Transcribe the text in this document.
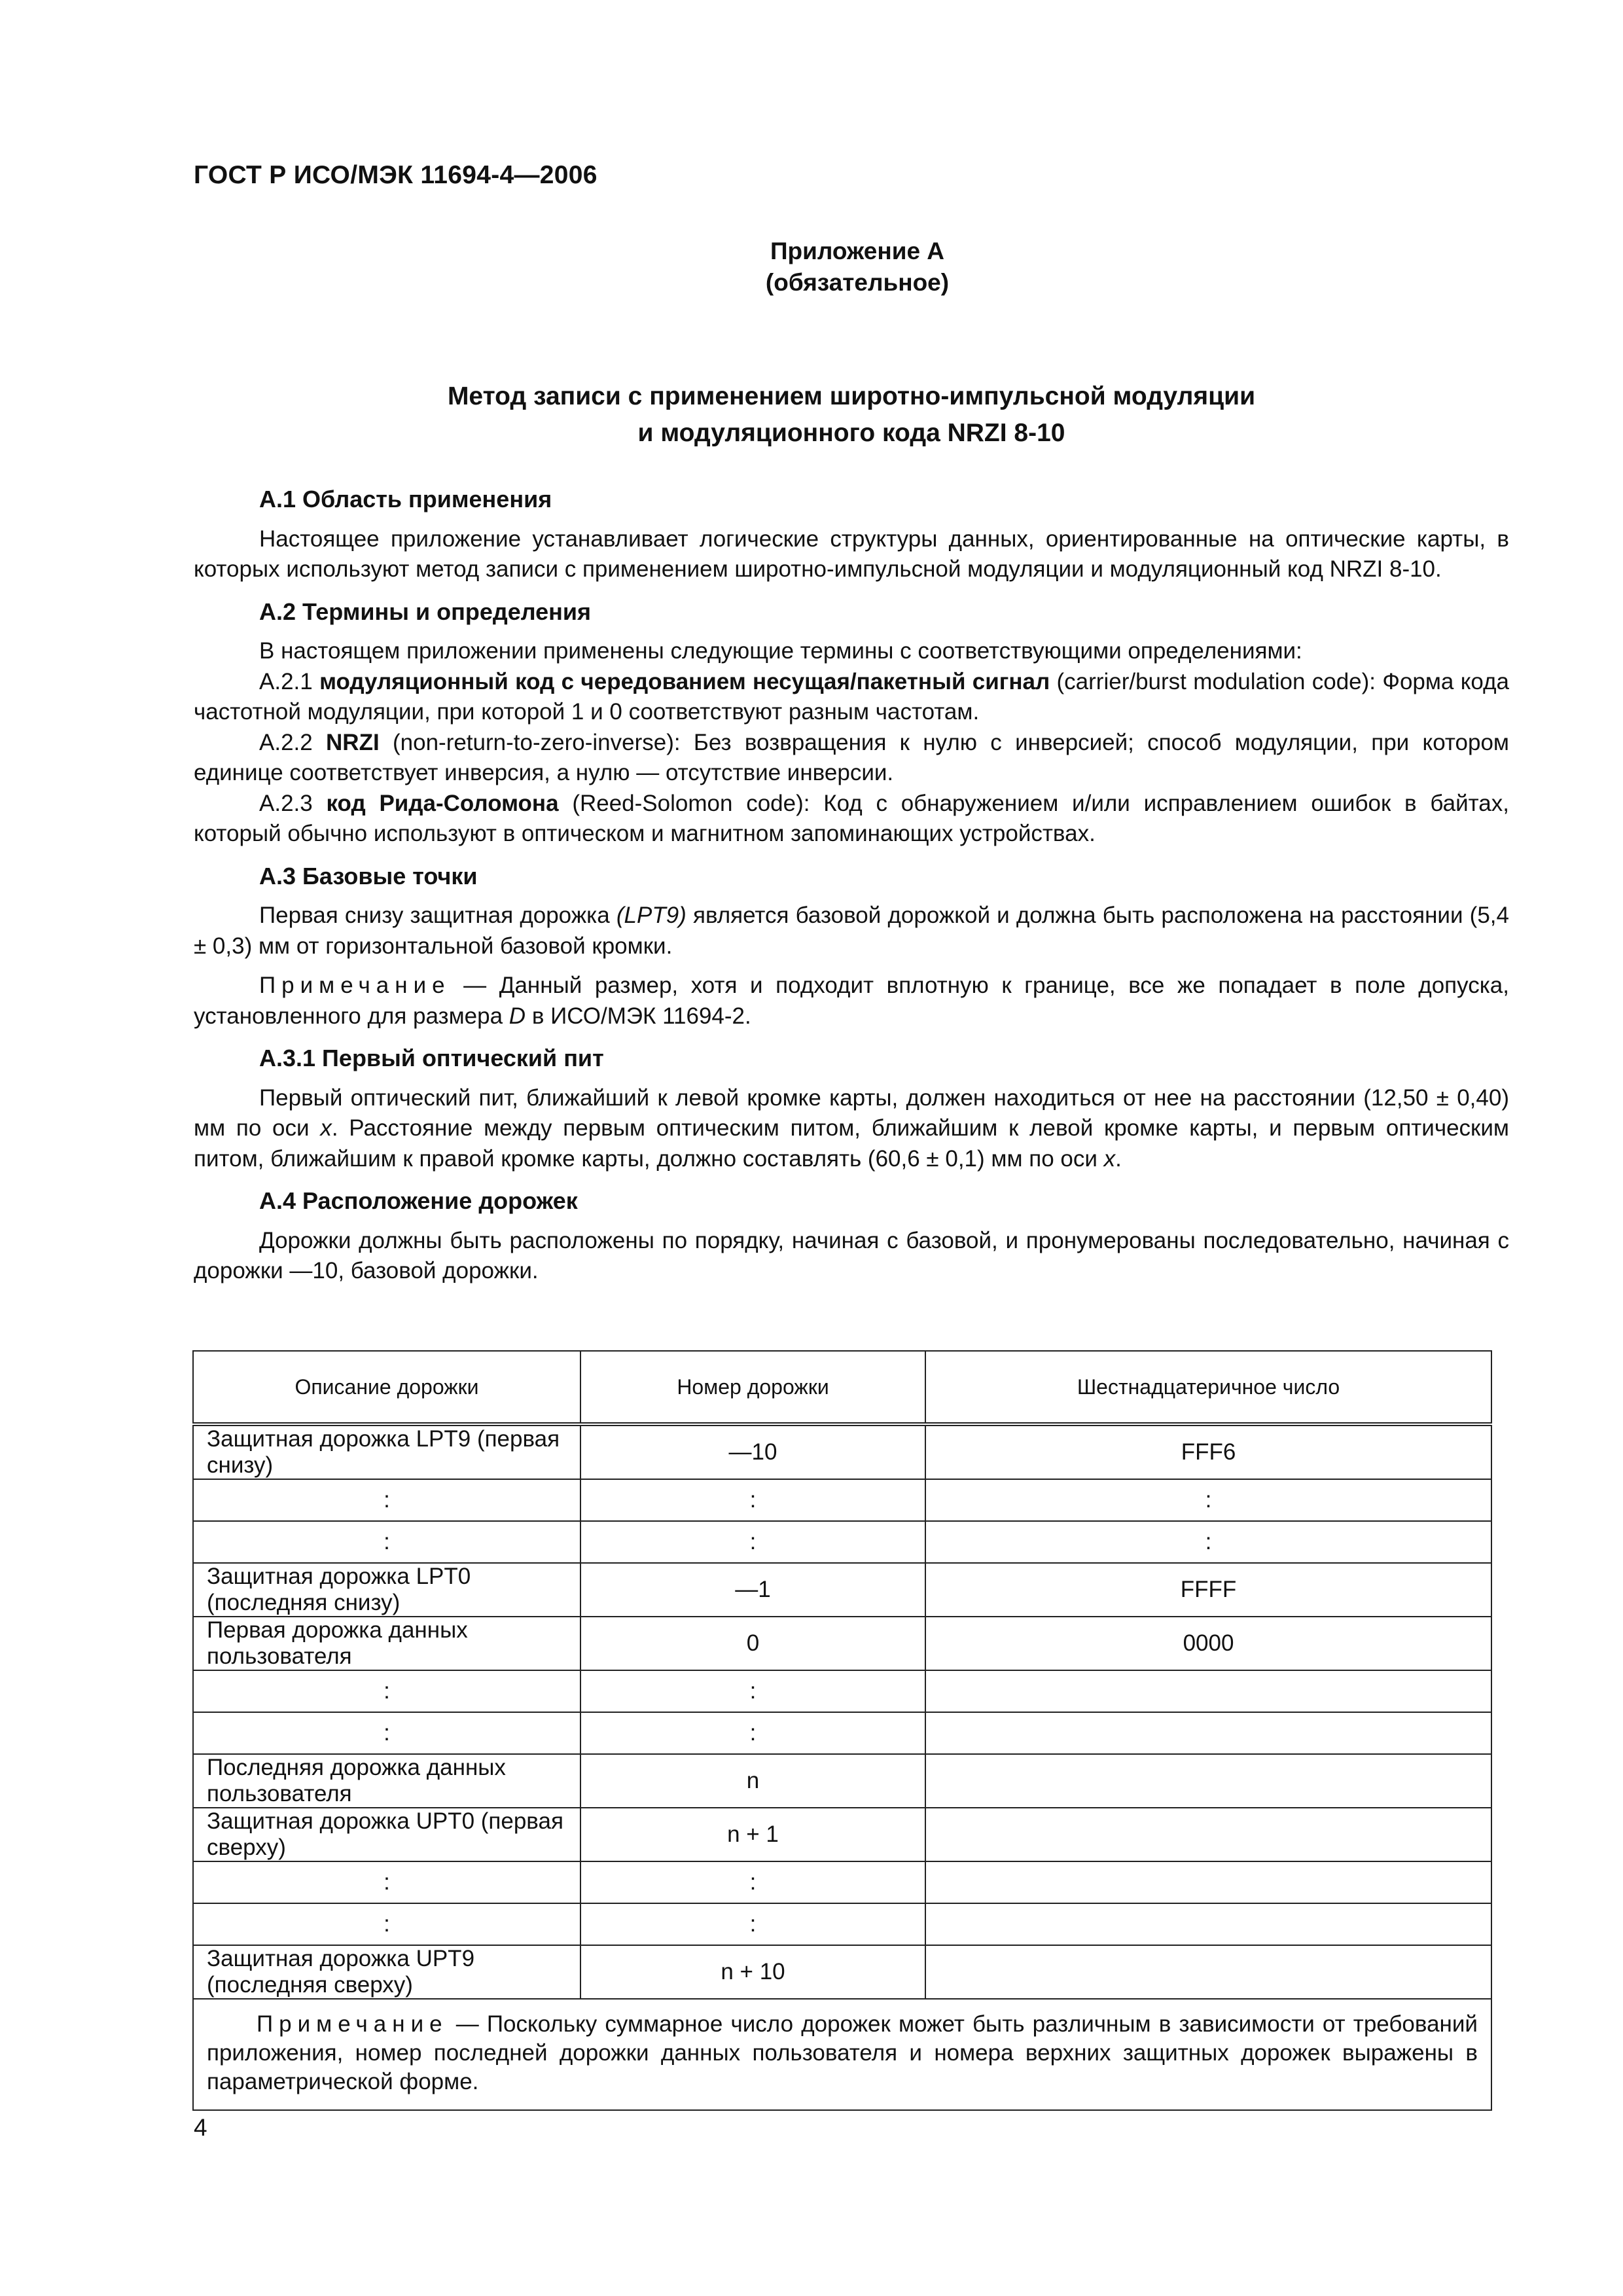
ГОСТ Р ИСО/МЭК 11694-4—2006
Приложение А
(обязательное)
Метод записи с применением широтно-импульсной модуляции
и модуляционного кода NRZI 8-10
А.1 Область применения

Настоящее приложение устанавливает логические структуры данных, ориентированные на оптические карты, в которых используют метод записи с применением широтно-импульсной модуляции и модуляционный код NRZI 8-10.

А.2 Термины и определения

В настоящем приложении применены следующие термины с соответствующими определениями:

А.2.1 модуляционный код с чередованием несущая/пакетный сигнал (carrier/burst modulation code): Форма кода частотной модуляции, при которой 1 и 0 соответствуют разным частотам.

А.2.2 NRZI (non-return-to-zero-inverse): Без возвращения к нулю с инверсией; способ модуляции, при котором единице соответствует инверсия, а нулю — отсутствие инверсии.

А.2.3 код Рида-Соломона (Reed-Solomon code): Код с обнаружением и/или исправлением ошибок в байтах, который обычно используют в оптическом и магнитном запоминающих устройствах.

А.3 Базовые точки

Первая снизу защитная дорожка (LPT9) является базовой дорожкой и должна быть расположена на расстоянии (5,4 ± 0,3) мм от горизонтальной базовой кромки.

Примечание — Данный размер, хотя и подходит вплотную к границе, все же попадает в поле допуска, установленного для размера D в ИСО/МЭК 11694-2.

А.3.1 Первый оптический пит

Первый оптический пит, ближайший к левой кромке карты, должен находиться от нее на расстоянии (12,50 ± 0,40) мм по оси x. Расстояние между первым оптическим питом, ближайшим к левой кромке карты, и первым оптическим питом, ближайшим к правой кромке карты, должно составлять (60,6 ± 0,1) мм по оси x.

А.4 Расположение дорожек

Дорожки должны быть расположены по порядку, начиная с базовой, и пронумерованы последовательно, начиная с дорожки —10, базовой дорожки.

Описание дорожки	Номер дорожки	Шестнадцатеричное число
Защитная дорожка LPT9 (первая снизу)	—10	FFF6
:	:	:
:	:	:
Защитная дорожка LPT0 (последняя снизу)	—1	FFFF
Первая дорожка данных пользователя	0	0000
:	:	
:	:	
Последняя дорожка данных пользователя	n	
Защитная дорожка UPT0 (первая сверху)	n + 1	
:	:	
:	:	
Защитная дорожка UPT9 (последняя сверху)	n + 10	
Примечание — Поскольку суммарное число дорожек может быть различным в зависимости от требований приложения, номер последней дорожки данных пользователя и номера верхних защитных дорожек выражены в параметрической форме.		
4
